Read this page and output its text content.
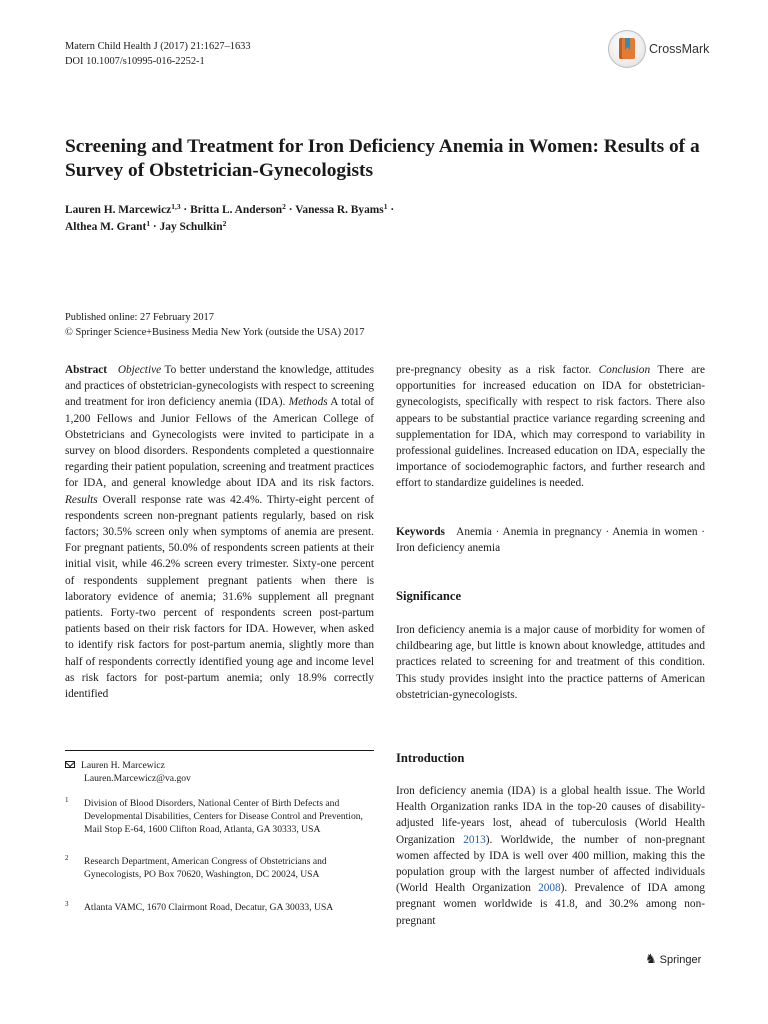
Matern Child Health J (2017) 21:1627–1633
DOI 10.1007/s10995-016-2252-1
CrossMark
Screening and Treatment for Iron Deficiency Anemia in Women: Results of a Survey of Obstetrician-Gynecologists
Lauren H. Marcewicz$^{1,3}$ · Britta L. Anderson$^2$ · Vanessa R. Byams$^1$ ·
Althea M. Grant$^1$ · Jay Schulkin$^2$
Published online: 27 February 2017
© Springer Science+Business Media New York (outside the USA) 2017

Abstract Objective To better understand the knowledge, attitudes and practices of obstetrician-gynecologists with respect to screening and treatment for iron deficiency anemia (IDA). Methods A total of 1,200 Fellows and Junior Fellows of the American College of Obstetricians and Gynecologists were invited to participate in a survey on blood disorders. Respondents completed a questionnaire regarding their patient population, screening and treatment practices for IDA, and general knowledge about IDA and its risk factors. Results Overall response rate was 42.4%. Thirty-eight percent of respondents screen non-pregnant patients regularly, based on risk factors; 30.5% screen only when symptoms of anemia are present. For pregnant patients, 50.0% of respondents screen patients at their initial visit, while 46.2% screen every trimester. Sixty-one percent of respondents supplement pregnant patients when there is laboratory evidence of anemia; 31.6% supplement all pregnant patients. Forty-two percent of respondents screen post-partum patients based on their risk factors for IDA. However, when asked to identify risk factors for post-partum anemia, slightly more than half of respondents correctly identified young age and income level as risk factors for post-partum anemia; only 18.9% correctly identified

Lauren H. Marcewicz
Lauren.Marcewicz@va.gov
1 Division of Blood Disorders, National Center of Birth Defects and Developmental Disabilities, Centers for Disease Control and Prevention, Mail Stop E-64, 1600 Clifton Road, Atlanta, GA 30333, USA
2 Research Department, American Congress of Obstetricians and Gynecologists, PO Box 70620, Washington, DC 20024, USA
3 Atlanta VAMC, 1670 Clairmont Road, Decatur, GA 30033, USA

pre-pregnancy obesity as a risk factor. Conclusion There are opportunities for increased education on IDA for obstetrician-gynecologists, specifically with respect to risk factors. There also appears to be substantial practice variance regarding screening and supplementation for IDA, which may correspond to variability in professional guidelines. Increased education on IDA, especially the importance of sociodemographic factors, and further research and effort to standardize guidelines is needed.

Keywords Anemia · Anemia in pregnancy · Anemia in women · Iron deficiency anemia

Significance

Iron deficiency anemia is a major cause of morbidity for women of childbearing age, but little is known about knowledge, attitudes and practices related to screening for and treatment of this condition. This study provides insight into the practice patterns of American obstetrician-gynecologists.

Introduction

Iron deficiency anemia (IDA) is a global health issue. The World Health Organization ranks IDA in the top-20 causes of disability-adjusted life-years lost, ahead of tuberculosis (World Health Organization 2013). Worldwide, the number of non-pregnant women affected by IDA is well over 400 million, making this the population group with the largest number of affected individuals (World Health Organization 2008). Prevalence of IDA among pregnant women worldwide is 41.8, and 30.2% among non-pregnant

♞ Springer
